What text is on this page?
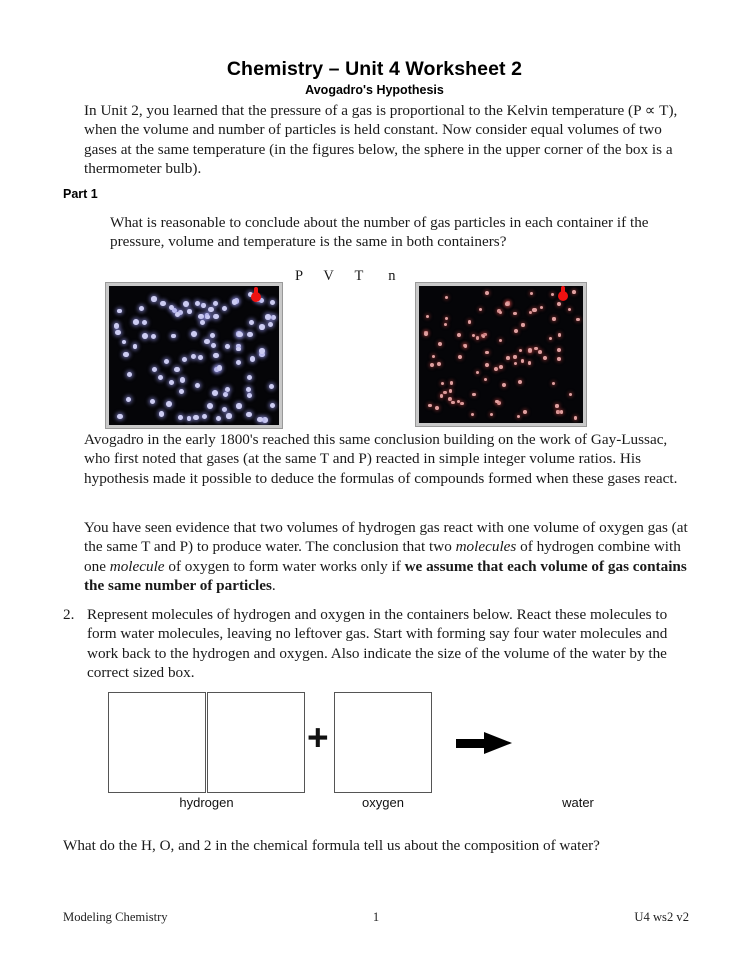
Chemistry – Unit 4 Worksheet 2
Avogadro's Hypothesis
In Unit 2, you learned that the pressure of a gas is proportional to the Kelvin temperature (P ∝ T), when the volume and number of particles is held constant. Now consider equal volumes of two gases at the same temperature (in the figures below, the sphere in the upper corner of the box is a thermometer bulb).
Part 1
What is reasonable to conclude about the number of gas particles in each container if the pressure, volume and temperature is the same in both containers?
P     V     T      n
Avogadro in the early 1800's reached this same conclusion building on the work of Gay-Lussac, who first noted that gases (at the same T and P) reacted in simple integer volume ratios. His hypothesis made it possible to deduce the formulas of compounds formed when these gases react.
You have seen evidence that two volumes of hydrogen gas react with one volume of oxygen gas (at the same T and P) to produce water. The conclusion that two molecules of hydrogen combine with one molecule of oxygen to form water works only if we assume that each volume of gas contains the same number of particles.
2. Represent molecules of hydrogen and oxygen in the containers below. React these molecules to form water molecules, leaving no leftover gas. Start with forming say four water molecules and work back to the hydrogen and oxygen. Also indicate the size of the volume of the water by the correct sized box.
+
hydrogen	oxygen	water
What do the H, O, and 2 in the chemical formula tell us about the composition of water?
Modeling Chemistry	1	U4 ws2 v2
